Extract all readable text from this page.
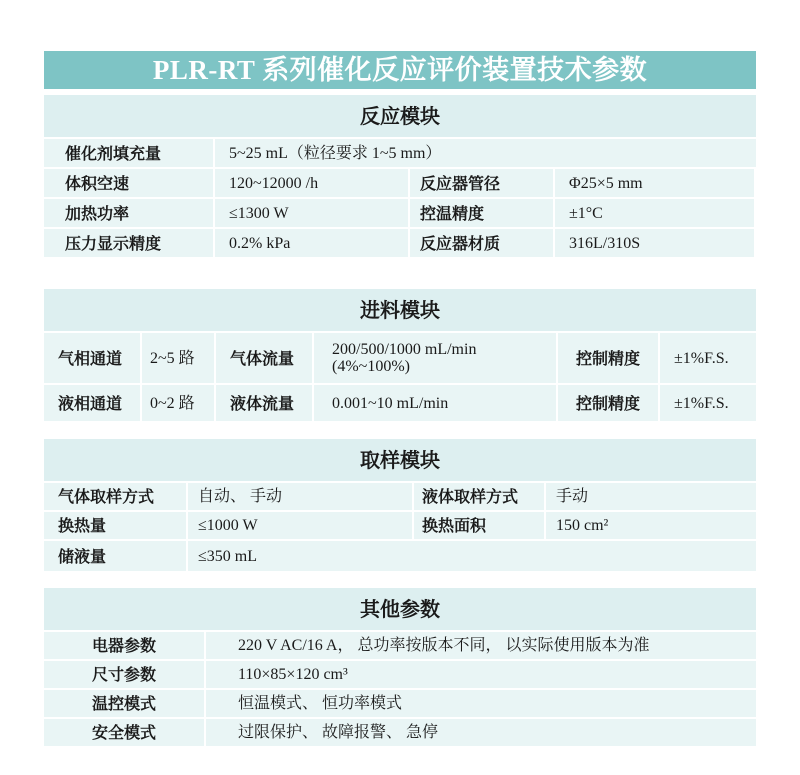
PLR-RT 系列催化反应评价装置技术参数
反应模块
催化剂填充量	5~25 mL（粒径要求 1~5 mm）
体积空速	120~12000 /h	反应器管径	Φ25×5 mm
加热功率	≤1300 W	控温精度	±1°C
压力显示精度	0.2% kPa	反应器材质	316L/310S
进料模块
气相通道	2~5 路	气体流量	200/500/1000 mL/min (4%~100%)	控制精度	±1%F.S.
液相通道	0~2 路	液体流量	0.001~10 mL/min	控制精度	±1%F.S.
取样模块
气体取样方式	自动、 手动	液体取样方式	手动
换热量	≤1000 W	换热面积	150 cm²
储液量	≤350 mL
其他参数
电器参数	220 V AC/16 A， 总功率按版本不同， 以实际使用版本为准
尺寸参数	110×85×120 cm³
温控模式	恒温模式、 恒功率模式
安全模式	过限保护、 故障报警、 急停
